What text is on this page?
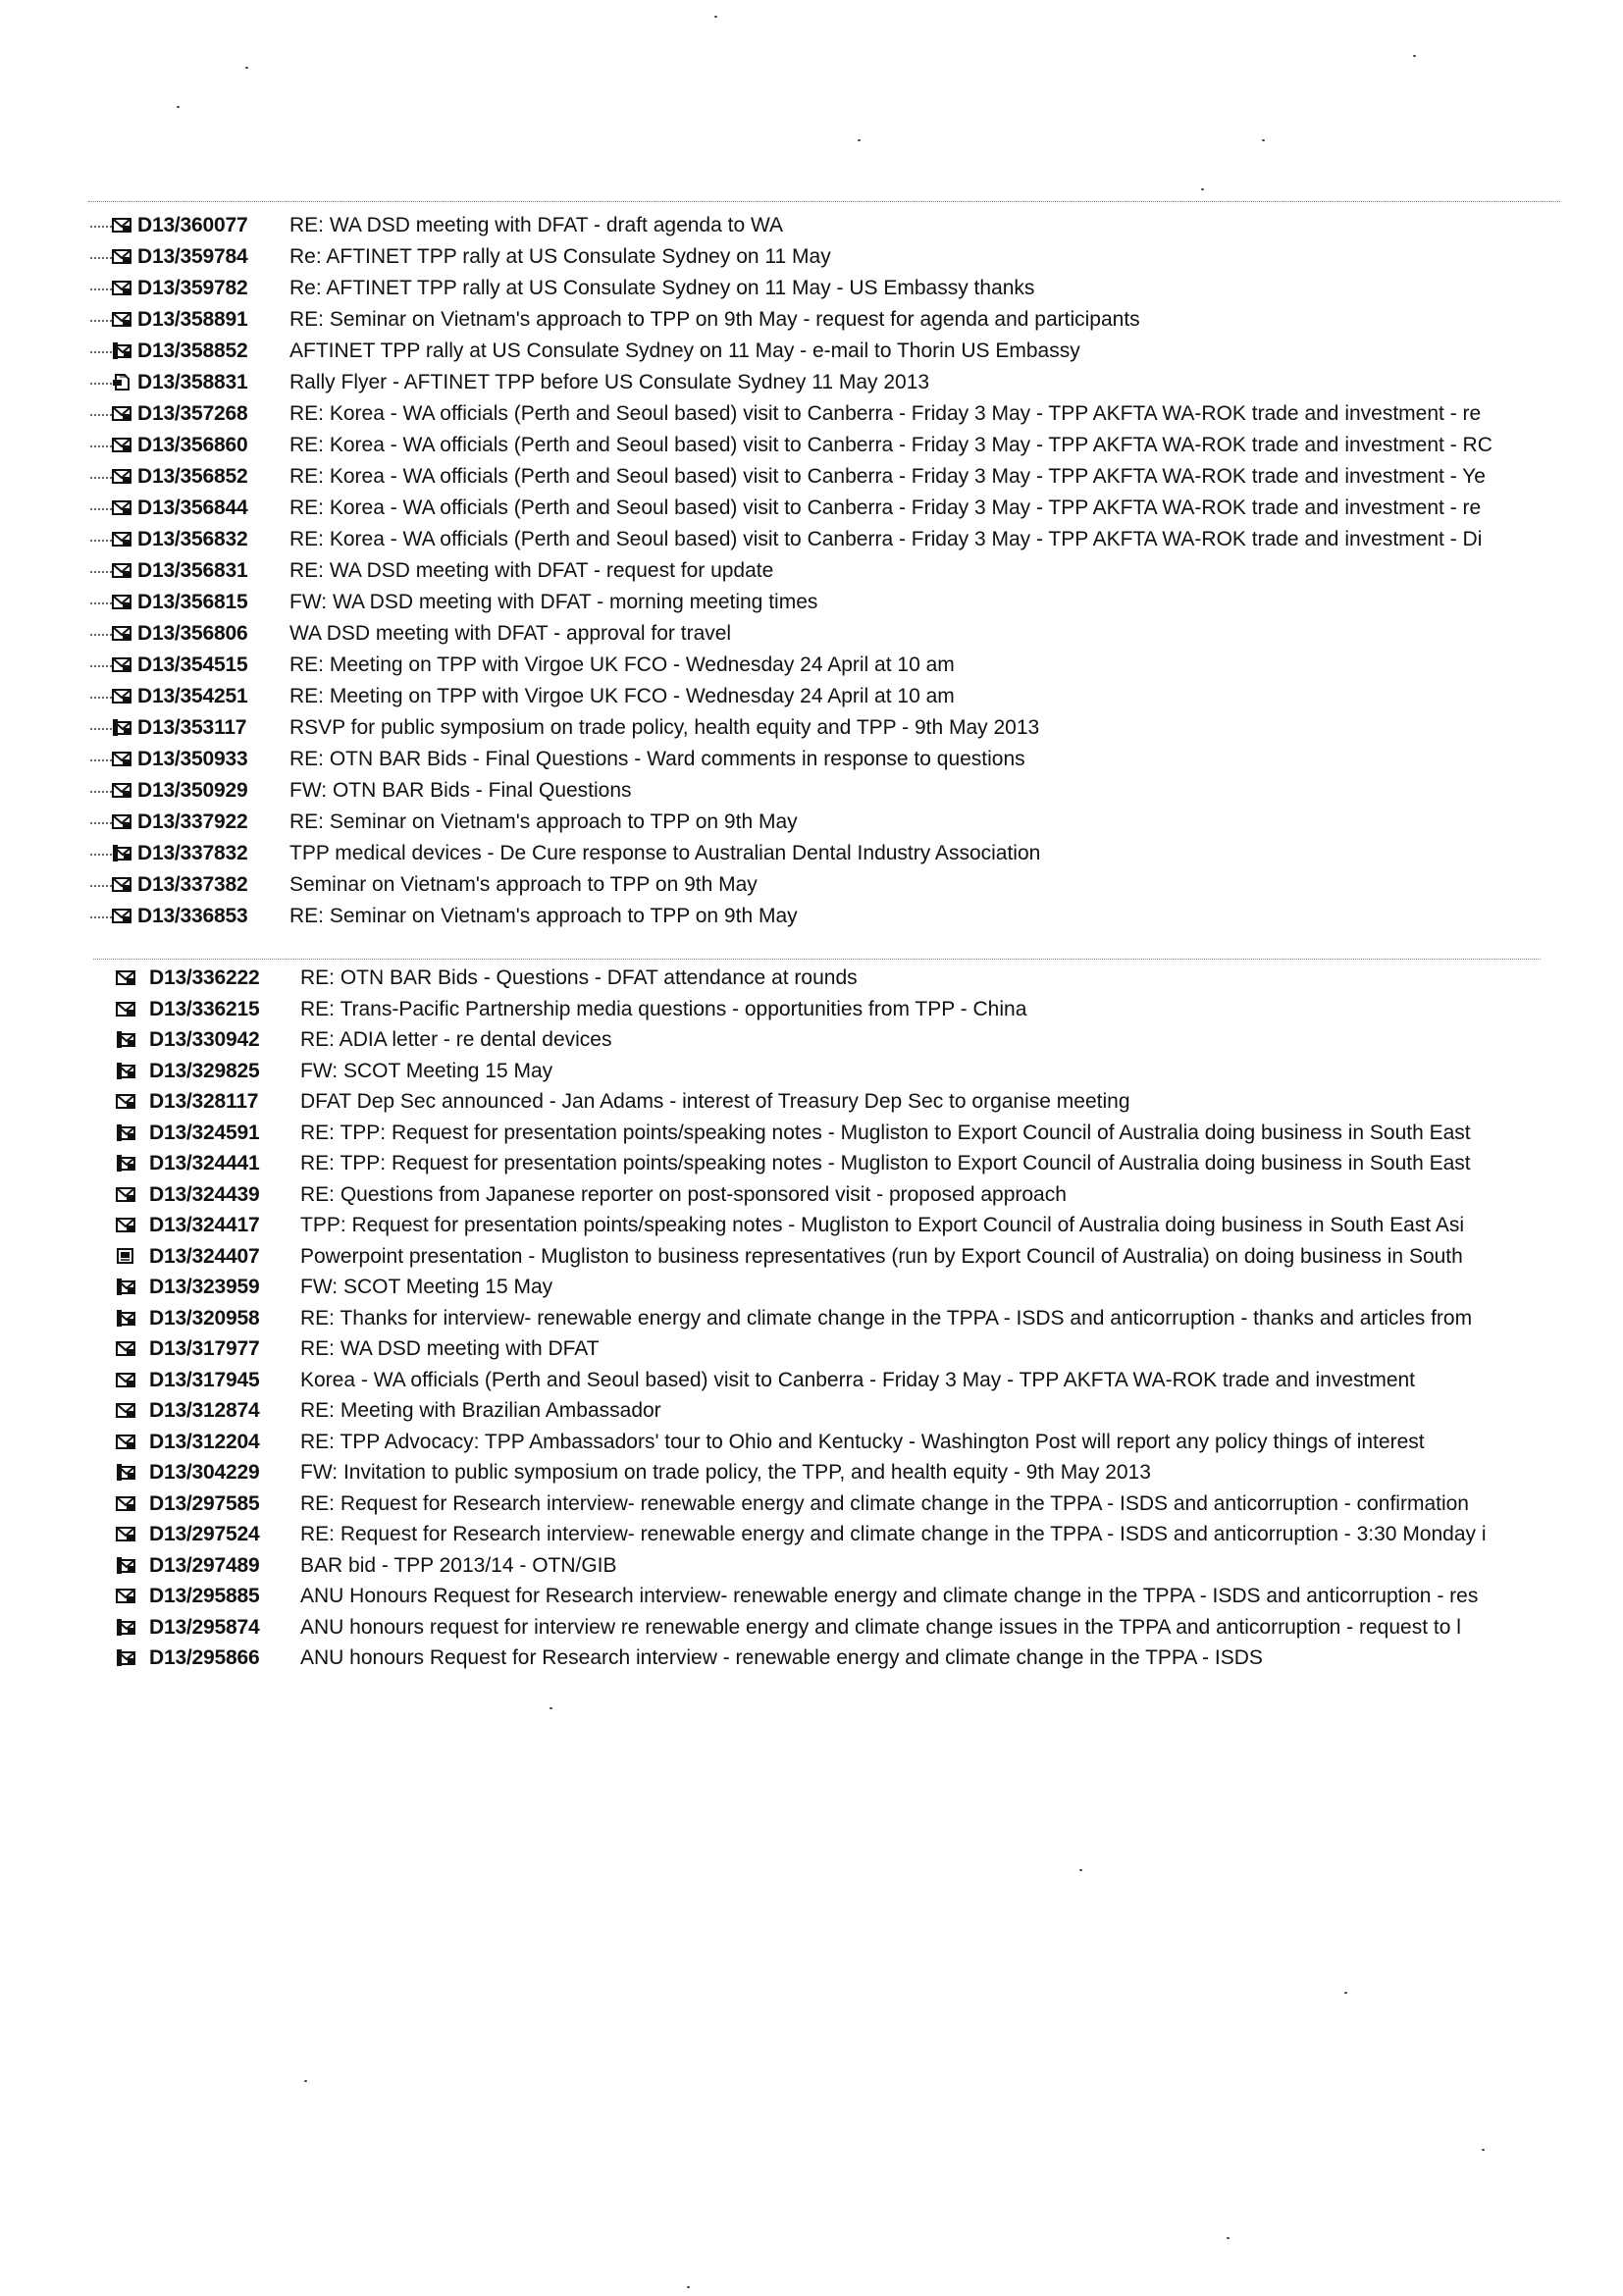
D13/360077 RE: WA DSD meeting with DFAT - draft agenda to WA
D13/359784 Re: AFTINET TPP rally at US Consulate Sydney on 11 May
D13/359782 Re: AFTINET TPP rally at US Consulate Sydney on 11 May - US Embassy thanks
D13/358891 RE: Seminar on Vietnam's approach to TPP on 9th May - request for agenda and participants
D13/358852 AFTINET TPP rally at US Consulate Sydney on 11 May - e-mail to Thorin US Embassy
D13/358831 Rally Flyer - AFTINET TPP before US Consulate Sydney 11 May 2013
D13/357268 RE: Korea - WA officials (Perth and Seoul based) visit to Canberra - Friday 3 May - TPP AKFTA WA-ROK trade and investment - re
D13/356860 RE: Korea - WA officials (Perth and Seoul based) visit to Canberra - Friday 3 May - TPP AKFTA WA-ROK trade and investment - RC
D13/356852 RE: Korea - WA officials (Perth and Seoul based) visit to Canberra - Friday 3 May - TPP AKFTA WA-ROK trade and investment - Ye
D13/356844 RE: Korea - WA officials (Perth and Seoul based) visit to Canberra - Friday 3 May - TPP AKFTA WA-ROK trade and investment - re
D13/356832 RE: Korea - WA officials (Perth and Seoul based) visit to Canberra - Friday 3 May - TPP AKFTA WA-ROK trade and investment - Di
D13/356831 RE: WA DSD meeting with DFAT - request for update
D13/356815 FW: WA DSD meeting with DFAT - morning meeting times
D13/356806 WA DSD meeting with DFAT - approval for travel
D13/354515 RE: Meeting on TPP with Virgoe UK FCO - Wednesday 24 April at 10 am
D13/354251 RE: Meeting on TPP with Virgoe UK FCO - Wednesday 24 April at 10 am
D13/353117 RSVP for public symposium on trade policy, health equity and TPP - 9th May 2013
D13/350933 RE: OTN BAR Bids - Final Questions - Ward comments in response to questions
D13/350929 FW: OTN BAR Bids - Final Questions
D13/337922 RE: Seminar on Vietnam's approach to TPP on 9th May
D13/337832 TPP medical devices - De Cure response to Australian Dental Industry Association
D13/337382 Seminar on Vietnam's approach to TPP on 9th May
D13/336853 RE: Seminar on Vietnam's approach to TPP on 9th May
D13/336222 RE: OTN BAR Bids - Questions - DFAT attendance at rounds
D13/336215 RE: Trans-Pacific Partnership media questions - opportunities from TPP - China
D13/330942 RE: ADIA letter - re dental devices
D13/329825 FW: SCOT Meeting 15 May
D13/328117 DFAT Dep Sec announced - Jan Adams - interest of Treasury Dep Sec to organise meeting
D13/324591 RE: TPP: Request for presentation points/speaking notes - Mugliston to Export Council of Australia doing business in South East
D13/324441 RE: TPP: Request for presentation points/speaking notes - Mugliston to Export Council of Australia doing business in South East
D13/324439 RE: Questions from Japanese reporter on post-sponsored visit - proposed approach
D13/324417 TPP: Request for presentation points/speaking notes - Mugliston to Export Council of Australia doing business in South East Asi
D13/324407 Powerpoint presentation - Mugliston to business representatives (run by Export Council of Australia) on doing business in South
D13/323959 FW: SCOT Meeting 15 May
D13/320958 RE: Thanks for interview- renewable energy and climate change in the TPPA - ISDS and anticorruption - thanks and articles from
D13/317977 RE: WA DSD meeting with DFAT
D13/317945 Korea - WA officials (Perth and Seoul based) visit to Canberra - Friday 3 May - TPP AKFTA WA-ROK trade and investment
D13/312874 RE: Meeting with Brazilian Ambassador
D13/312204 RE: TPP Advocacy: TPP Ambassadors' tour to Ohio and Kentucky - Washington Post will report any policy things of interest
D13/304229 FW: Invitation to public symposium on trade policy, the TPP, and health equity - 9th May 2013
D13/297585 RE: Request for Research interview- renewable energy and climate change in the TPPA - ISDS and anticorruption - confirmation
D13/297524 RE: Request for Research interview- renewable energy and climate change in the TPPA - ISDS and anticorruption - 3:30 Monday i
D13/297489 BAR bid - TPP 2013/14 - OTN/GIB
D13/295885 ANU Honours Request for Research interview- renewable energy and climate change in the TPPA - ISDS and anticorruption - res
D13/295874 ANU honours request for interview re renewable energy and climate change issues in the TPPA and anticorruption - request to l
D13/295866 ANU honours Request for Research interview - renewable energy and climate change in the TPPA - ISDS
